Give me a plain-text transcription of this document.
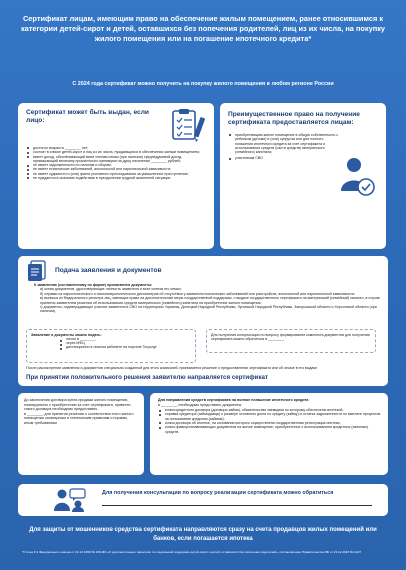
Сертификат лицам, имеющим право на обеспечение жилым помещением, ранее относившимся к категории детей-сирот и детей, оставшихся без попечения родителей, лиц из их числа, на покупку жилого помещения или на погашение ипотечного кредита*
С 2024 года сертификат можно получить на покупку жилого помещения в любом регионе России
Сертификат может быть выдан, если лицо:
достигло возраста ________ лет;
состоит в списке детей-сирот и лиц из их числа, нуждающихся в обеспечении жилым помещением;
имеет доход, обеспечивающий всем членам семьи (при наличии) среднедушевой доход, превышающий величину прожиточного минимума на душу населения ________ рублей;
не имеет задолженности по налогам и сборам;
не имеет психических заболеваний, алкогольной или наркотической зависимости;
не имеет судимости и (или) факта уголовного преследования за умышленное преступление;
не нуждается в оказании содействия в преодолении трудной жизненной ситуации
Преимущественное право на получение сертификата предоставляется лицам:
приобретающим жилое помещение в общую собственность с ребенком (детьми) и (или) супругом или для полного погашения ипотечного кредита за счет сертификата и использования средств (части средств) материнского (семейного) капитала;
участникам СВО
Подача заявления и документов
К заявлению (составленному по форме) прилагаются документы:
а) копии документов, удостоверяющих личность заявителя и всех членов его семьи;
б) справки из наркологического и психоневрологического диспансеров об отсутствии у заявителя психических заболеваний или расстройств, алкогольной или наркотической зависимости;
в) выписка из Федерального регистра лиц, имеющих право на дополнительные меры государственной поддержки, о выдаче государственного сертификата на материнский (семейный) капитал, в случае принятия заявителем решения об использовании средств материнского (семейного) капитала на приобретение жилого помещения;
г) документы, подтверждающие участие заявителя в СВО на территориях Украины, Донецкой Народной Республики, Луганской Народной Республики, Запорожской области и Херсонской области (при наличии).
Заявление и документы можно подать:
лично в ________
через МФЦ
дистанционно в личном кабинете на портале Госуслуг
Для получения консультации по вопросу формирования комплекта документов для получения сертификата можно обратиться в ________
После рассмотрения заявления и документов специально созданной для этого комиссией, принимается решение о предоставлении сертификата или об отказе в его выдаче
При принятии положительного решения заявителю направляется сертификат
До заключения договора купли-продажи жилого помещения, планируемого к приобретению за счет сертификата, привести такого договора необходимо предоставить
в ________ для принятия решения о соответствии этого жилого помещения санитарным и техническим правилам и нормам, иным требованиям
Для направления средств сертификата на полное погашение ипотечного кредита
в ________ необходимо представить документы:
копия кредитного договора (договора займа), обязательства заемщика по которому обеспечены ипотекой;
справка кредитора (займодавца) о размере основного долга по кредиту (займу) и остатка задолженности по выплате процентов за пользование кредитом (займом);
копия договора об ипотеке, на основании которого осуществлена государственная регистрация ипотеки;
копии правоустанавливающих документов на жилое помещение, приобретенное с использованием кредитных (заемных) средств.
Для получения консультации по вопросу реализации сертификата можно обратиться
Для защиты от мошенников средства сертификата направляются сразу на счета продавцов жилых помещений или банков, если погашается ипотека
*Статья 8.1 Федерального закона от 21.12.1996 № 159-ФЗ «О дополнительных гарантиях по социальной поддержке детей-сирот и детей, оставшихся без попечения родителей», постановление Правительства РФ от 21.12.2023 № 2227
